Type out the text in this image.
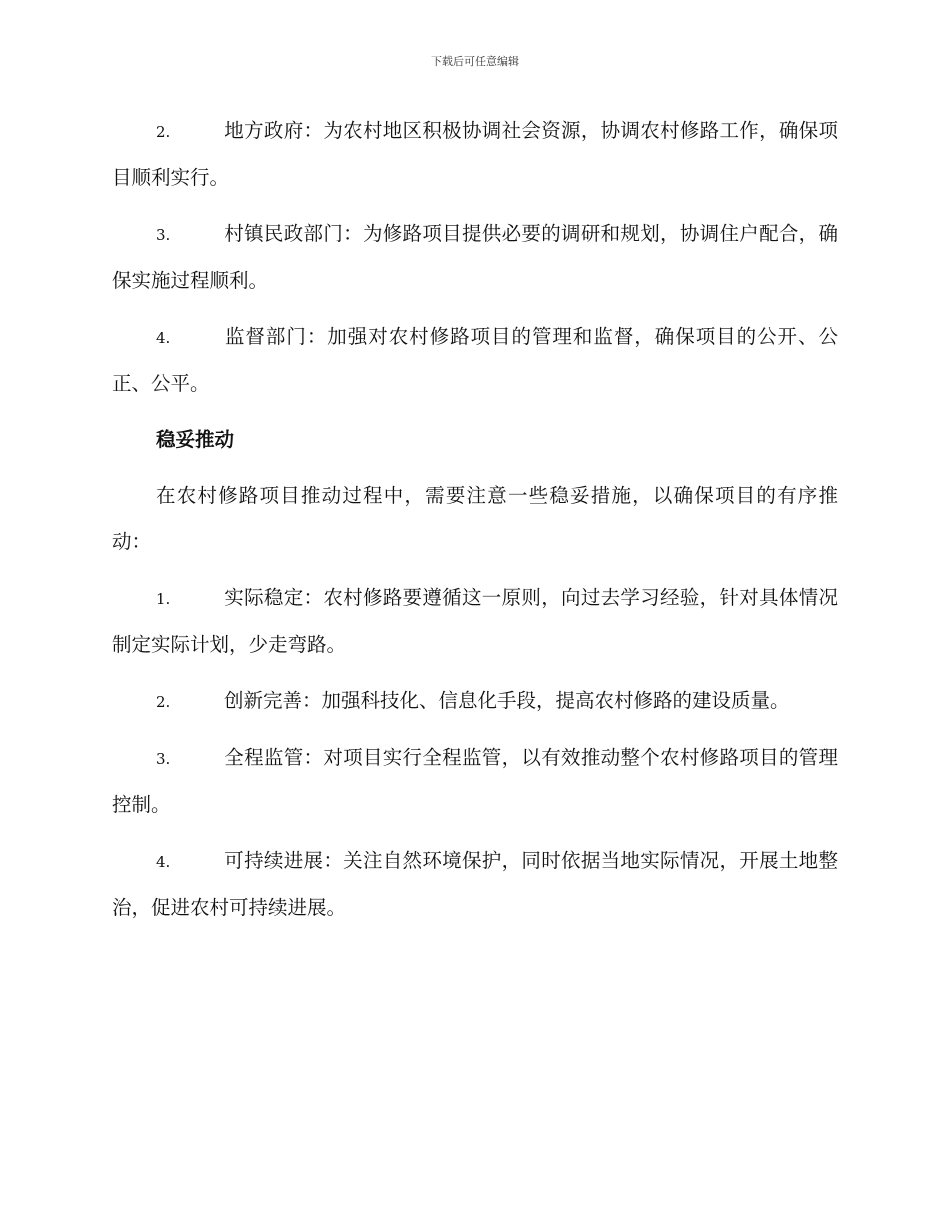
下载后可任意编辑

2.	地方政府：为农村地区积极协调社会资源，协调农村修路工作，确保项目顺利实行。

3.	村镇民政部门：为修路项目提供必要的调研和规划，协调住户配合，确保实施过程顺利。

4.	监督部门：加强对农村修路项目的管理和监督，确保项目的公开、公正、公平。

稳妥推动

在农村修路项目推动过程中，需要注意一些稳妥措施，以确保项目的有序推动：

1.	实际稳定：农村修路要遵循这一原则，向过去学习经验，针对具体情况制定实际计划，少走弯路。

2.	创新完善：加强科技化、信息化手段，提高农村修路的建设质量。

3.	全程监管：对项目实行全程监管，以有效推动整个农村修路项目的管理控制。

4.	可持续进展：关注自然环境保护，同时依据当地实际情况，开展土地整治，促进农村可持续进展。
